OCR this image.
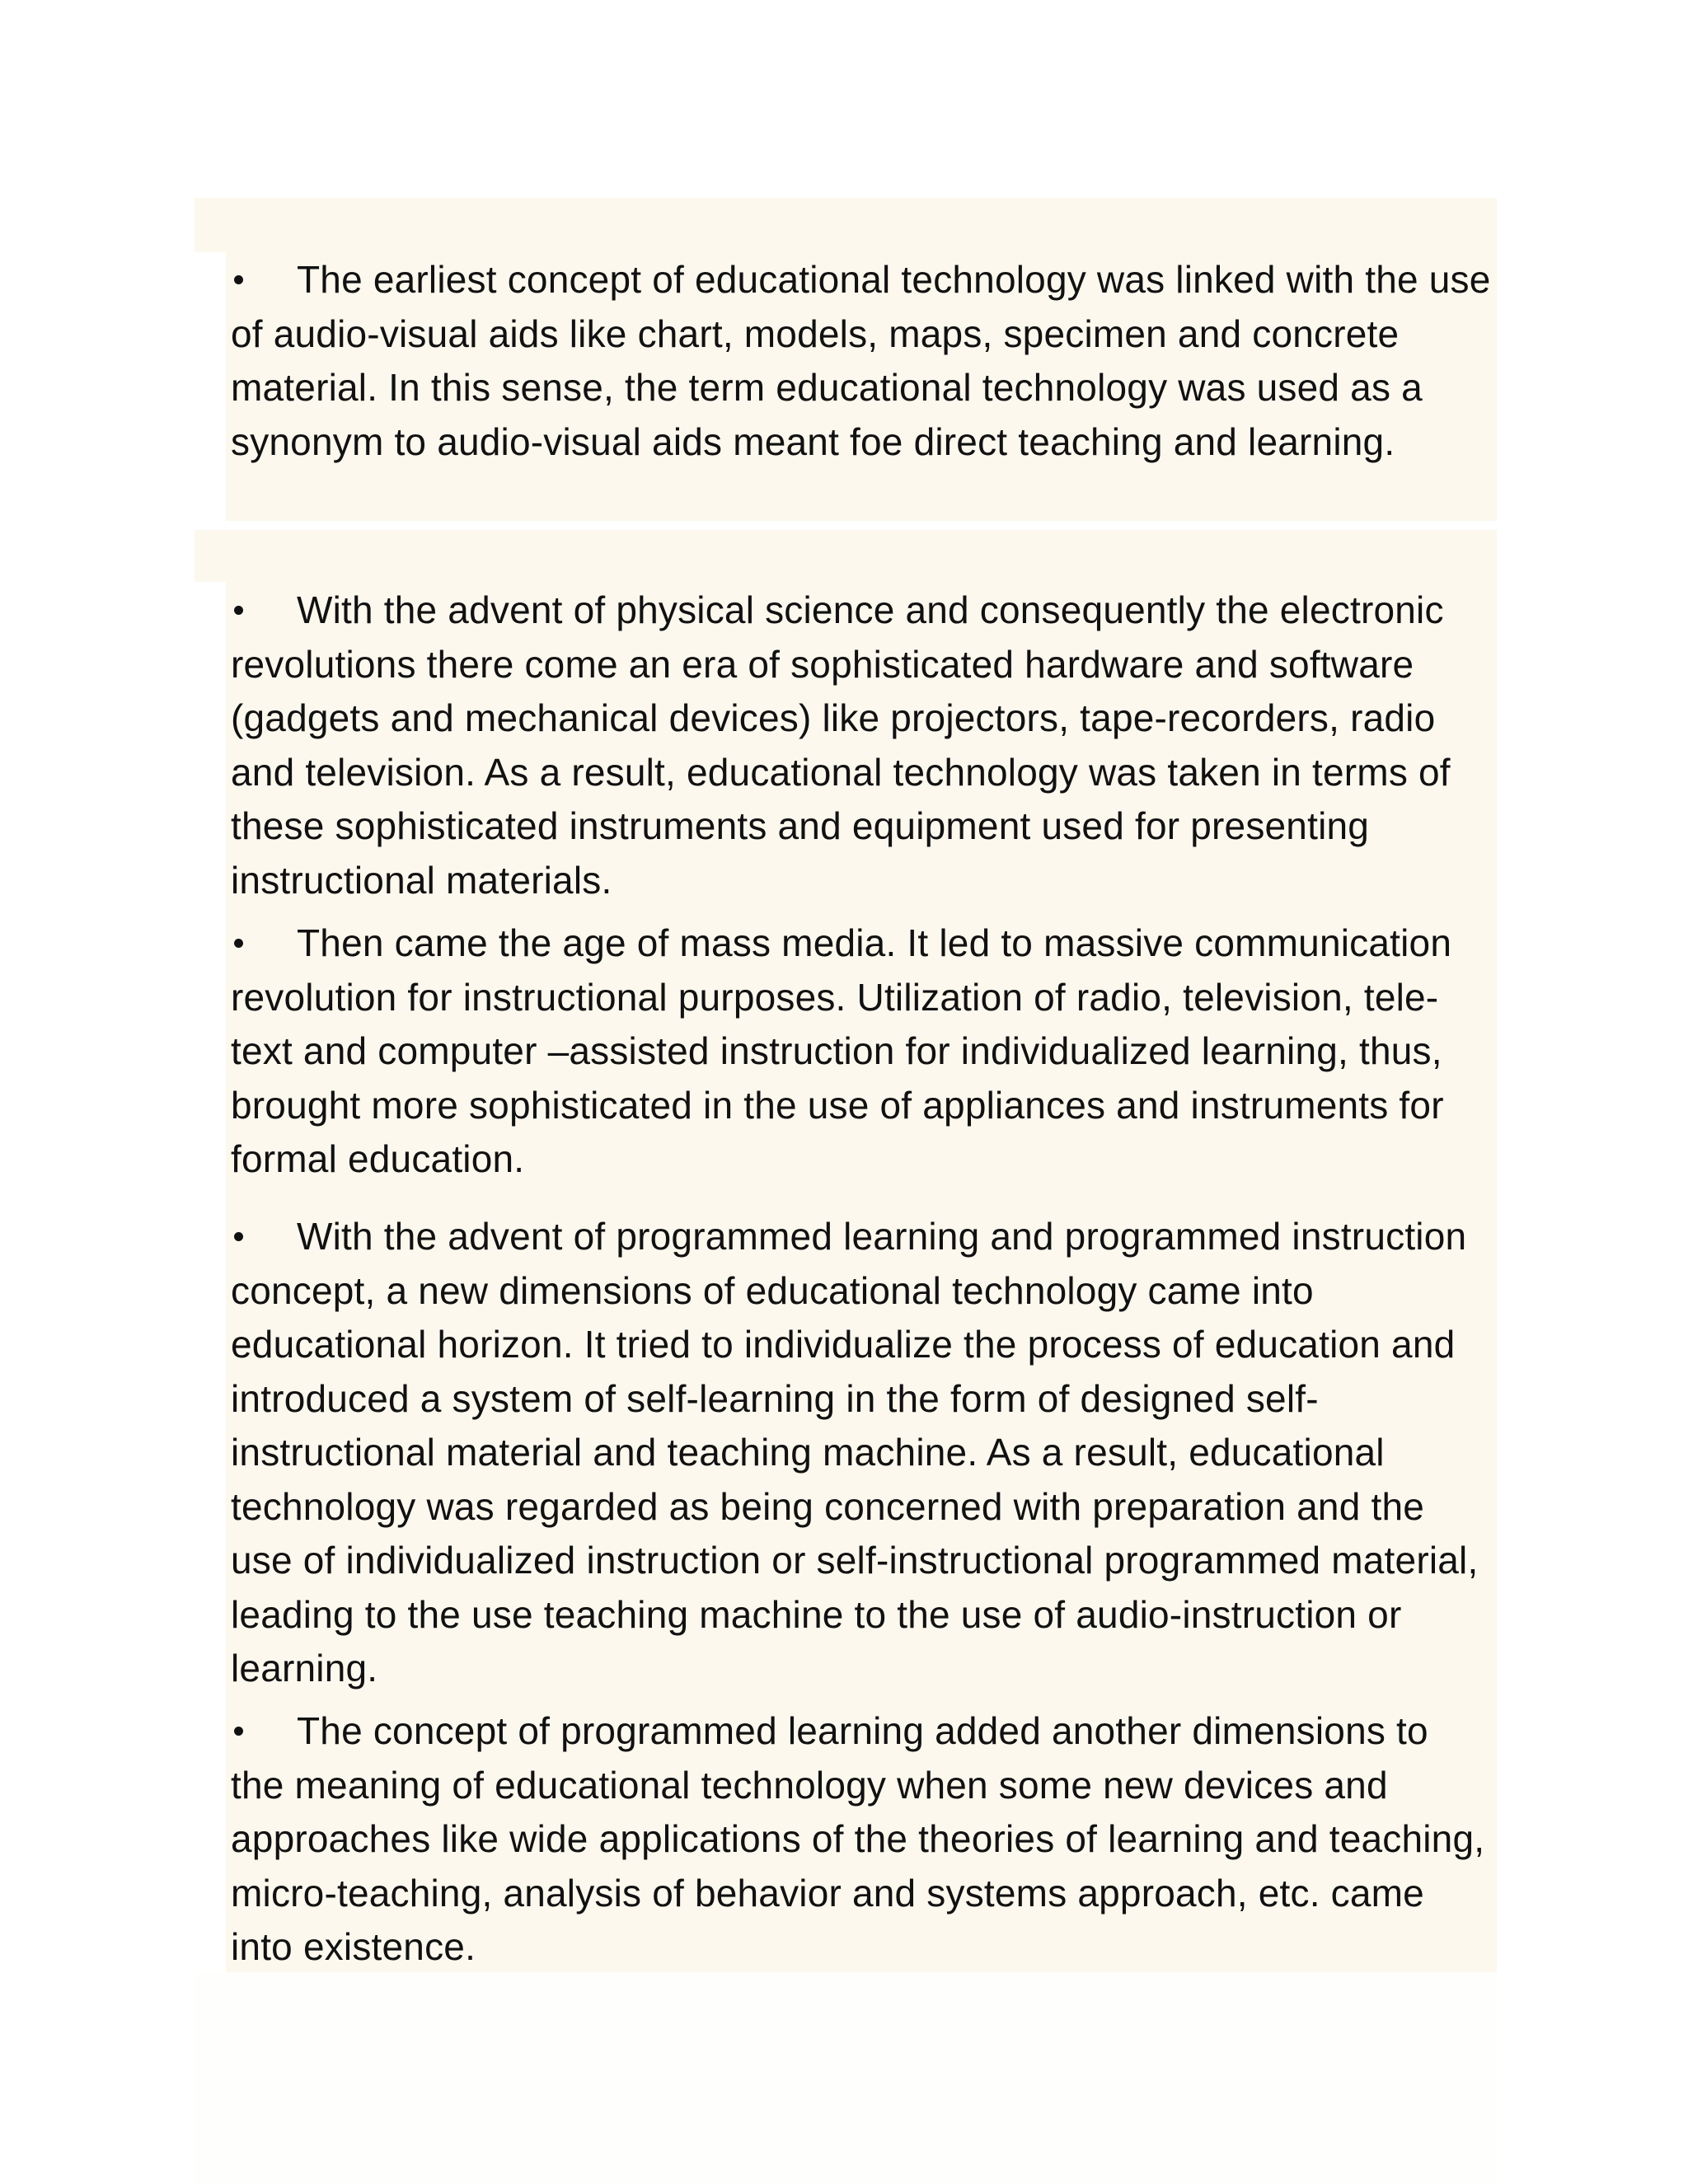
The earliest concept of educational technology was linked with the use of audio-visual aids like chart, models, maps, specimen and concrete material. In this sense, the term educational technology was used as a synonym to audio-visual aids meant foe direct teaching and learning.

With the advent of physical science and consequently the electronic revolutions there come an era of sophisticated hardware and software (gadgets and mechanical devices) like projectors, tape-recorders, radio and television. As a result, educational technology was taken in terms of these sophisticated instruments and equipment used for presenting instructional materials.

Then came the age of mass media. It led to massive communication revolution for instructional purposes. Utilization of radio, television, tele-text and computer –assisted instruction for individualized learning, thus, brought more sophisticated in the use of appliances and instruments for formal education.

With the advent of programmed learning and programmed instruction concept, a new dimensions of educational technology came into educational horizon. It tried to individualize the process of education and introduced a system of self-learning in the form of designed self-instructional material and teaching machine. As a result, educational technology was regarded as being concerned with preparation and the use of individualized instruction or self-instructional programmed material, leading to the use teaching machine to the use of audio-instruction or learning.

The concept of programmed learning added another dimensions to the meaning of educational technology when some new devices and approaches like wide applications of the theories of learning and teaching, micro-teaching, analysis of behavior and systems approach, etc. came into existence.
